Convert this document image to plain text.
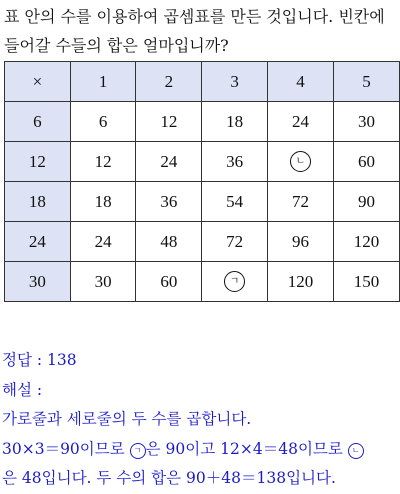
표 안의 수를 이용하여 곱셈표를 만든 것입니다. 빈칸에 들어갈 수들의 합은 얼마입니까?
×	1	2	3	4	5
6	6	12	18	24	30
12	12	24	36	ㄴ	60
18	18	36	54	72	90
24	24	48	72	96	120
30	30	60	ㄱ	120	150

정답 : 138

해설 :

가로줄과 세로줄의 두 수를 곱합니다.

30×3＝90이므로 ㄱ 은 90이고 12×4＝48이므로 ㄴ

은 48입니다. 두 수의 합은 90＋48＝138입니다.
